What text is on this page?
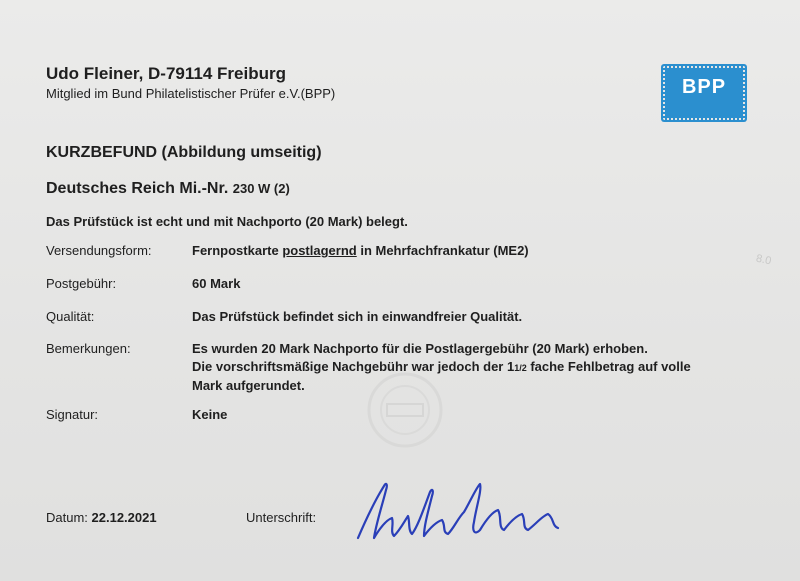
Udo Fleiner, D-79114 Freiburg
Mitglied im Bund Philatelistischer Prüfer e.V.(BPP)	BPP
KURZBEFUND (Abbildung umseitig)
Deutsches Reich Mi.-Nr. 230 W (2)
Das Prüfstück ist echt und mit Nachporto (20 Mark) belegt.
Versendungsform:	Fernpostkarte postlagernd in Mehrfachfrankatur (ME2)
Postgebühr:	60 Mark
Qualität:	Das Prüfstück befindet sich in einwandfreier Qualität.
Bemerkungen:	Es wurden 20 Mark Nachporto für die Postlagergebühr (20 Mark) erhoben.
Die vorschriftsmäßige Nachgebühr war jedoch der 11/2 fache Fehlbetrag auf volle
Mark aufgerundet.
Signatur:	Keine
Datum: 22.12.2021	Unterschrift:
8.0
